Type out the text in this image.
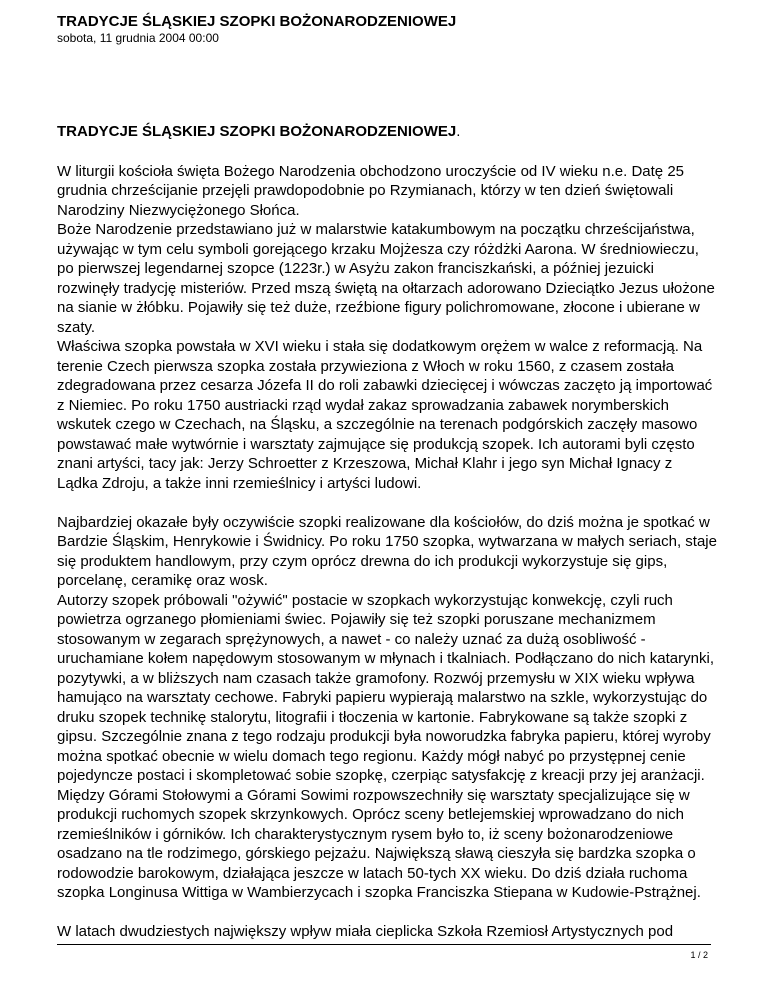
TRADYCJE ŚLĄSKIEJ SZOPKI BOŻONARODZENIOWEJ

sobota, 11 grudnia 2004 00:00

TRADYCJE ŚLĄSKIEJ SZOPKI BOŻONARODZENIOWEJ.

W liturgii kościoła święta Bożego Narodzenia obchodzono uroczyście od IV wieku n.e. Datę 25 grudnia chrześcijanie przejęli prawdopodobnie po Rzymianach, którzy w ten dzień świętowali Narodziny Niezwyciężonego Słońca.

Boże Narodzenie przedstawiano już w malarstwie katakumbowym na początku chrześcijaństwa, używając w tym celu symboli gorejącego krzaku Mojżesza czy różdżki Aarona. W średniowieczu, po pierwszej legendarnej szopce (1223r.) w Asyżu zakon franciszkański, a później jezuicki rozwinęły tradycję misteriów. Przed mszą świętą na ołtarzach adorowano Dzieciątko Jezus ułożone na sianie w żłóbku. Pojawiły się też duże, rzeźbione figury polichromowane, złocone i ubierane w szaty.

Właściwa szopka powstała w XVI wieku i stała się dodatkowym orężem w walce z reformacją. Na terenie Czech pierwsza szopka została przywieziona z Włoch w roku 1560, z czasem została zdegradowana przez cesarza Józefa II do roli zabawki dziecięcej i wówczas zaczęto ją importować z Niemiec. Po roku 1750 austriacki rząd wydał zakaz sprowadzania zabawek norymberskich wskutek czego w Czechach, na Śląsku, a szczególnie na terenach podgórskich zaczęły masowo powstawać małe wytwórnie i warsztaty zajmujące się produkcją szopek. Ich autorami byli często znani artyści, tacy jak: Jerzy Schroetter z Krzeszowa, Michał Klahr i jego syn Michał Ignacy z Lądka Zdroju, a także inni rzemieślnicy i artyści ludowi.

Najbardziej okazałe były oczywiście szopki realizowane dla kościołów, do dziś można je spotkać w Bardzie Śląskim, Henrykowie i Świdnicy. Po roku 1750 szopka, wytwarzana w małych seriach, staje się produktem handlowym, przy czym oprócz drewna do ich produkcji wykorzystuje się gips, porcelanę, ceramikę oraz wosk.

Autorzy szopek próbowali "ożywić" postacie w szopkach wykorzystując konwekcję, czyli ruch powietrza ogrzanego płomieniami świec. Pojawiły się też szopki poruszane mechanizmem stosowanym w zegarach sprężynowych, a nawet - co należy uznać za dużą osobliwość - uruchamiane kołem napędowym stosowanym w młynach i tkalniach. Podłączano do nich katarynki, pozytywki, a w bliższych nam czasach także gramofony. Rozwój przemysłu w XIX wieku wpływa hamująco na warsztaty cechowe. Fabryki papieru wypierają malarstwo na szkle, wykorzystując do druku szopek technikę stalorytu, litografii i tłoczenia w kartonie. Fabrykowane są także szopki z gipsu. Szczególnie znana z tego rodzaju produkcji była noworudzka fabryka papieru, której wyroby można spotkać obecnie w wielu domach tego regionu. Każdy mógł nabyć po przystępnej cenie pojedyncze postaci i skompletować sobie szopkę, czerpiąc satysfakcję z kreacji przy jej aranżacji.

Między Górami Stołowymi a Górami Sowimi rozpowszechniły się warsztaty specjalizujące się w produkcji ruchomych szopek skrzynkowych. Oprócz sceny betlejemskiej wprowadzano do nich rzemieślników i górników. Ich charakterystycznym rysem było to, iż sceny bożonarodzeniowe osadzano na tle rodzimego, górskiego pejzażu. Największą sławą cieszyła się bardzka szopka o rodowodzie barokowym, działająca jeszcze w latach 50-tych XX wieku. Do dziś działa ruchoma szopka Longinusa Wittiga w Wambierzycach i szopka Franciszka Stiepana w Kudowie-Pstrążnej.

W latach dwudziestych największy wpływ miała cieplicka Szkoła Rzemiosł Artystycznych pod

1 / 2
